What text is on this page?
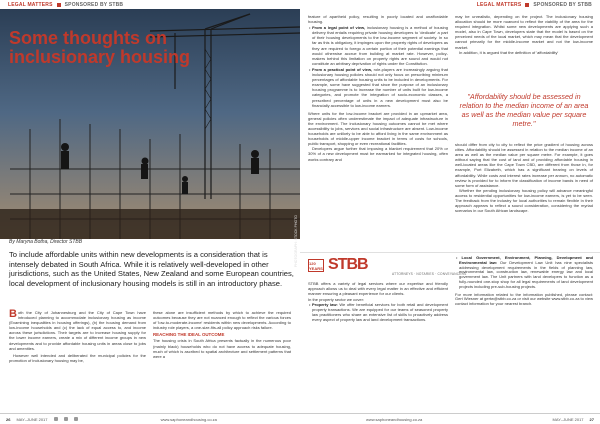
LEGAL MATTERS SPONSORED BY STBB
Some thoughts on inclusionary housing
PHOTOGRAPH: STOCK PHOTO
By Maryna Botha, Director STBB
To include affordable units within new developments is a consideration that is intensely debated in South Africa. While it is relatively well-developed in other jurisdictions, such as the United States, New Zealand and some European countries, local development of inclusionary housing models is still in an introductory phase.
B oth the City of Johannesburg and the City of Cape Town have introduced planning to accommodate inclusionary housing as income (Examining inequalities in housing offerings), (b) the housing demand from low-income households and (c) the lack of equal access to, and income across these jurisdictions. Their targets are to increase housing supply for the lower income earners, create a mix of different income groups in new developments and to provide affordable housing units in areas close to jobs and amenities.
However well intended and deliberated the municipal policies for the promotion of inclusionary housing may be,
these alone are insufficient methods by which to achieve the required outcomes because they are not nuanced enough to reflect the various forces of 'low-to-moderate-income' residents within new developments. According to industry role players, a one-size-fits-all policy approach risks failure.
REACHING THE IDEAL OUTCOME
The housing crisis in South Africa presents factually in the numerous poor (mainly black) households who do not have access to adequate housing, much of which is ascribed to spatial architecture and settlement patterns that were a
26 MAY–JUNE 2017	www.saphoneandhousing.co.za
LEGAL MATTERS SPONSORED BY STBB
feature of apartheid policy, resulting in poorly located and unaffordable housing.
• From a legal point of view, inclusionary housing is a method of housing delivery that entails requiring private housing developers to 'dedicate' a part of their housing developments to the low-income segment of society. In so far as this is obligatory, it impinges upon the property rights of developers as they are required to forego a certain portion of their potential earnings that would otherwise accrue from building at market rate. However, policy-makers behind this limitation on property rights are sound and would not constitute an arbitrary deprivation of rights under the Constitution.
• From a practical point of view, role-players are increasingly arguing that inclusionary housing policies should not only focus on prescribing minimum percentages of affordable housing units to be included in developments. For example, some have suggested that since the purpose of an inclusionary housing programme is to increase the number of units built for low-income categories, and promote the integration of socio-economic classes, a prescribed percentage of units in a new development must also be financially accessible to low-income earners.
Where units for the low-income bracket are provided in an upmarket area, general policies often underestimate the impact of adequate infrastructure in the environment. The inclusionary housing outcomes cannot be met where accessibility to jobs, services and social infrastructure are absent. Low-income households are unlikely to be able to afford living in the same environment as households of middle-upper income bracket in terms of costs for schools, public transport, shopping or even recreational facilities.
Developers argue further that imposing a blanket requirement that 20% or 30% of a new development must be earmarked for integrated housing, often works contrary and
may be unrealistic, depending on the project. The inclusionary housing allocation should be more nuanced to reflect the viability of the area for the required integration. Whilst some new developments are applying such a model, also in Cape Town, developers state that the model is based on the perceived needs of the local market, which may mean that the development cannot primarily for the middle-income market and not the low-income market.
In addition, it is argued that the definition of 'affordability'
"Affordability should be assessed in relation to the median income of an area as well as the median value per square metre."
should differ from city to city to reflect the price gradient of housing across cities. Affordability should be assessed in relation to the median income of an area as well as the median value per square metre. For example, it goes without saying that the cost of land and of providing affordable housing in well-located areas like the Cape Town CBD, are different from those in, for example, Port Elizabeth, which has a significant bearing on levels of affordability. While costs and interest rates increase per annum, no automatic review is provided for to inform the classification of income bands in need of some form of assistance.
Whether the pending inclusionary housing policy will advance meaningful access to residential opportunities for low-income earners, is yet to be seen. The feedback from the industry for local authorities to remain flexible in their approach appears to reflect a sound consideration, considering the myriad scenarios in our South African landscape.
120 YEARS STBB
ATTORNEYS · NOTARIES · CONVEYANCERS
STBB offers a variety of legal services where our expertise and friendly approach allows us to deal with every legal matter in an effective and efficient manner ensuring a pleasant experience for our clients.
In the property sector we cover:
• Property law: We offer beneficial services for both retail and development property transactions. We are equipped for our teams of seasoned property law practitioners who share an extensive list of skills to proactively address every aspect of property law and land development transactions.
• Local Government, Environment, Planning, Development and Environmental law: Our Development Law Unit has nine specialists addressing development requirements in the fields of planning law, environmental law, construction law, renewable energy law and local government law. The Unit partners with land developers to function as a fully-rounded one-stop shop for all legal requirements of land development projects including pre-sub-housing projects.
For more information related to the information published, please contact: Gert Wiesner at gertw@stbb.co.za or visit our website www.stbb.co.za to view contact information for your nearest branch.
www.saphoneandhousing.co.za	MAY–JUNE 2017 27
